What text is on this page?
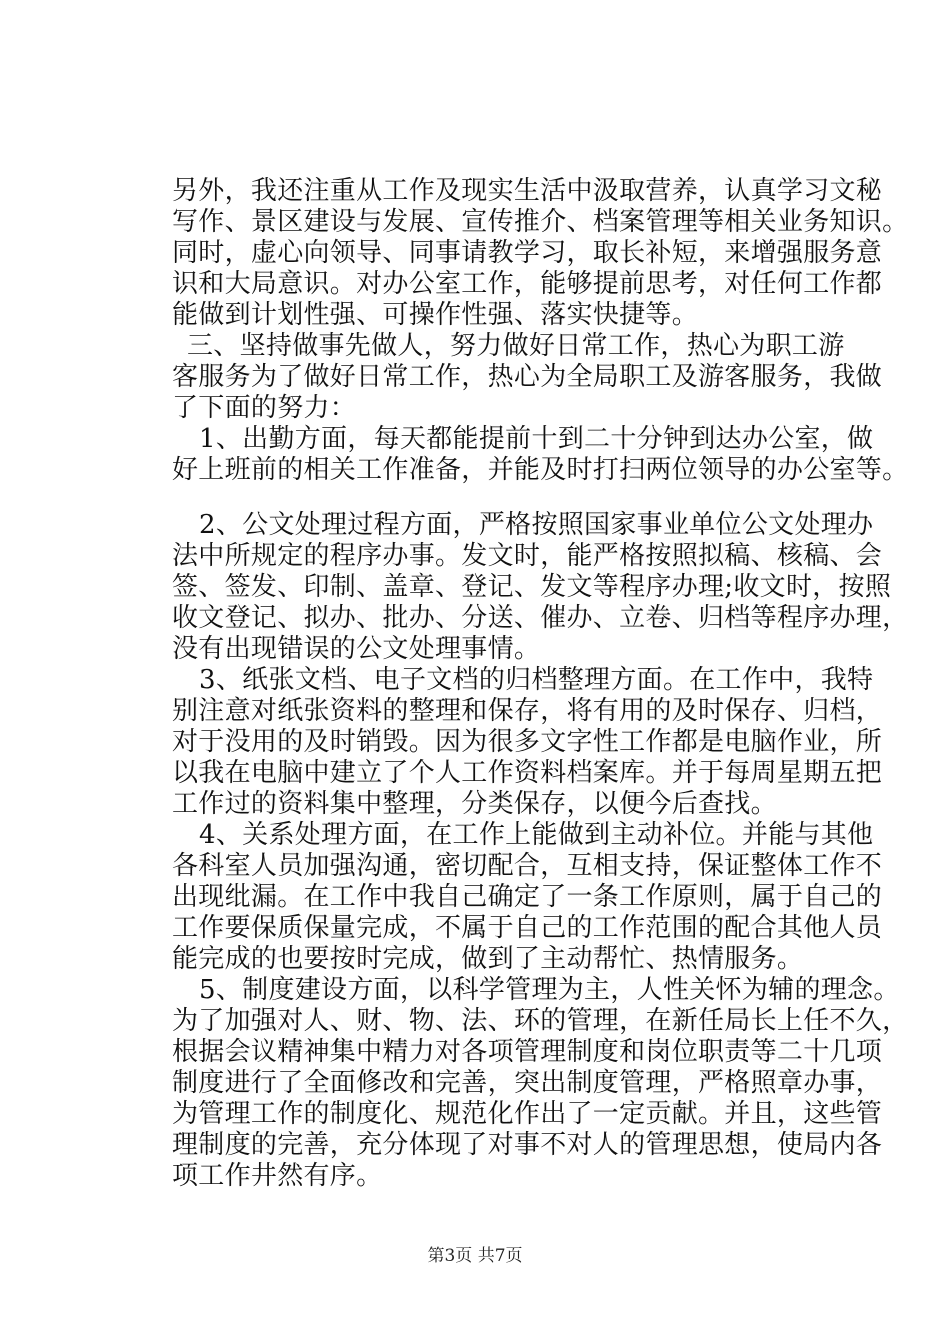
另外，我还注重从工作及现实生活中汲取营养，认真学习文秘
写作、景区建设与发展、宣传推介、档案管理等相关业务知识。
同时，虚心向领导、同事请教学习，取长补短，来增强服务意
识和大局意识。对办公室工作，能够提前思考，对任何工作都
能做到计划性强、可操作性强、落实快捷等。
三、坚持做事先做人，努力做好日常工作，热心为职工游
客服务为了做好日常工作，热心为全局职工及游客服务，我做
了下面的努力：
1、出勤方面，每天都能提前十到二十分钟到达办公室，做
好上班前的相关工作准备，并能及时打扫两位领导的办公室等。
2、公文处理过程方面，严格按照国家事业单位公文处理办
法中所规定的程序办事。发文时，能严格按照拟稿、核稿、会
签、签发、印制、盖章、登记、发文等程序办理;收文时，按照
收文登记、拟办、批办、分送、催办、立卷、归档等程序办理，
没有出现错误的公文处理事情。
3、纸张文档、电子文档的归档整理方面。在工作中，我特
别注意对纸张资料的整理和保存，将有用的及时保存、归档，
对于没用的及时销毁。因为很多文字性工作都是电脑作业，所
以我在电脑中建立了个人工作资料档案库。并于每周星期五把
工作过的资料集中整理，分类保存，以便今后查找。
4、关系处理方面，在工作上能做到主动补位。并能与其他
各科室人员加强沟通，密切配合，互相支持，保证整体工作不
出现纰漏。在工作中我自己确定了一条工作原则，属于自己的
工作要保质保量完成，不属于自己的工作范围的配合其他人员
能完成的也要按时完成，做到了主动帮忙、热情服务。
5、制度建设方面，以科学管理为主，人性关怀为辅的理念。
为了加强对人、财、物、法、环的管理，在新任局长上任不久，
根据会议精神集中精力对各项管理制度和岗位职责等二十几项
制度进行了全面修改和完善，突出制度管理，严格照章办事，
为管理工作的制度化、规范化作出了一定贡献。并且，这些管
理制度的完善，充分体现了对事不对人的管理思想，使局内各
项工作井然有序。
第3页 共7页
